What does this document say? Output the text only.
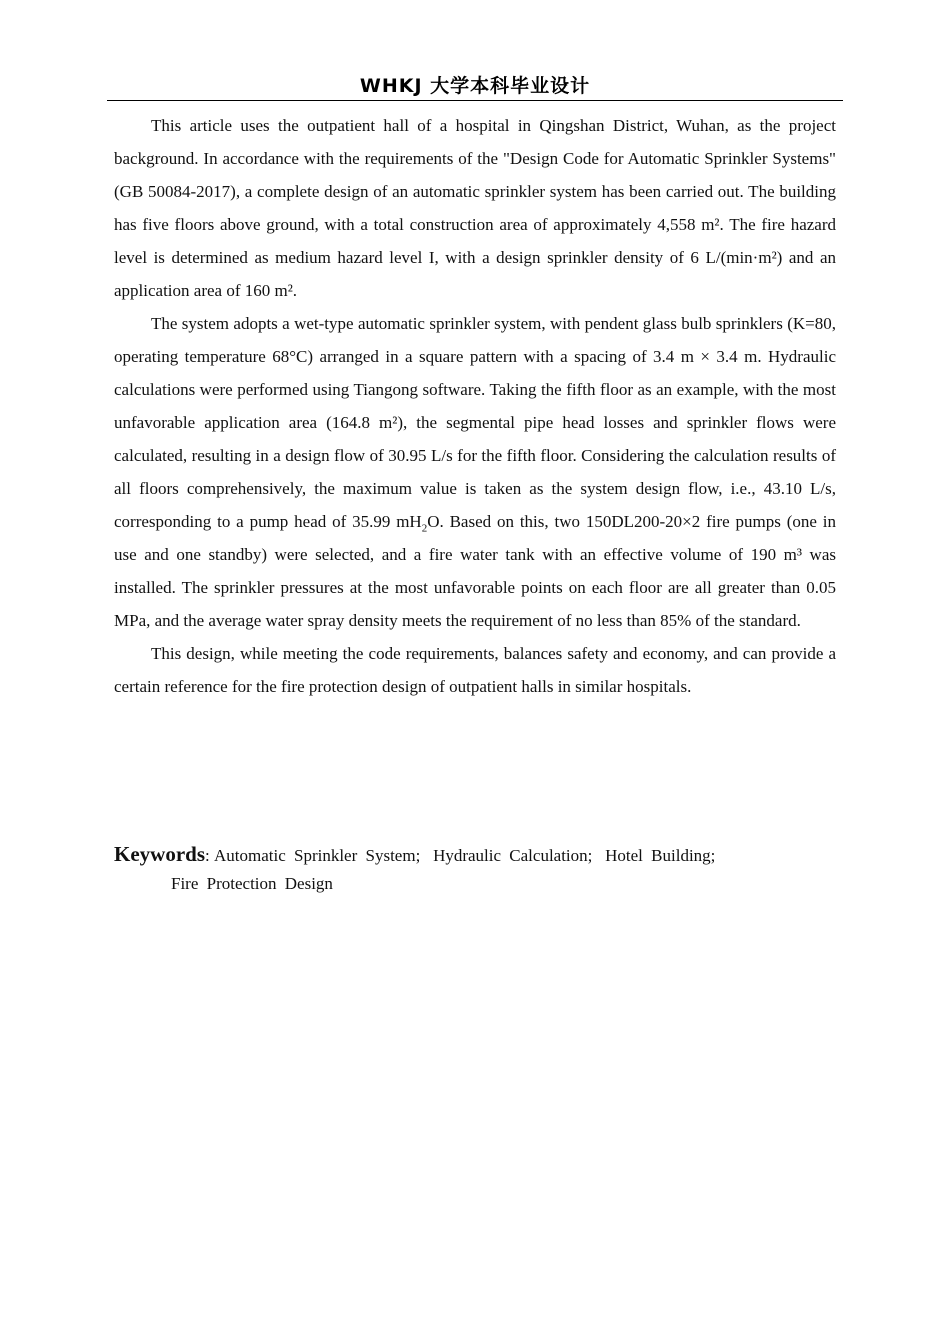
WHKJ 大学本科毕业设计

This article uses the outpatient hall of a hospital in Qingshan District, Wuhan, as the project background. In accordance with the requirements of the "Design Code for Automatic Sprinkler Systems" (GB 50084-2017), a complete design of an automatic sprinkler system has been carried out. The building has five floors above ground, with a total construction area of approximately 4,558 m². The fire hazard level is determined as medium hazard level I, with a design sprinkler density of 6 L/(min·m²) and an application area of 160 m².

The system adopts a wet-type automatic sprinkler system, with pendent glass bulb sprinklers (K=80, operating temperature 68°C) arranged in a square pattern with a spacing of 3.4 m × 3.4 m. Hydraulic calculations were performed using Tiangong software. Taking the fifth floor as an example, with the most unfavorable application area (164.8 m²), the segmental pipe head losses and sprinkler flows were calculated, resulting in a design flow of 30.95 L/s for the fifth floor. Considering the calculation results of all floors comprehensively, the maximum value is taken as the system design flow, i.e., 43.10 L/s, corresponding to a pump head of 35.99 $mH_2O$. Based on this, two 150DL200-20×2 fire pumps (one in use and one standby) were selected, and a fire water tank with an effective volume of 190 m³ was installed. The sprinkler pressures at the most unfavorable points on each floor are all greater than 0.05 MPa, and the average water spray density meets the requirement of no less than 85% of the standard.

This design, while meeting the code requirements, balances safety and economy, and can provide a certain reference for the fire protection design of outpatient halls in similar hospitals.

Keywords: Automatic Sprinkler System; Hydraulic Calculation; Hotel Building;
Fire Protection Design
